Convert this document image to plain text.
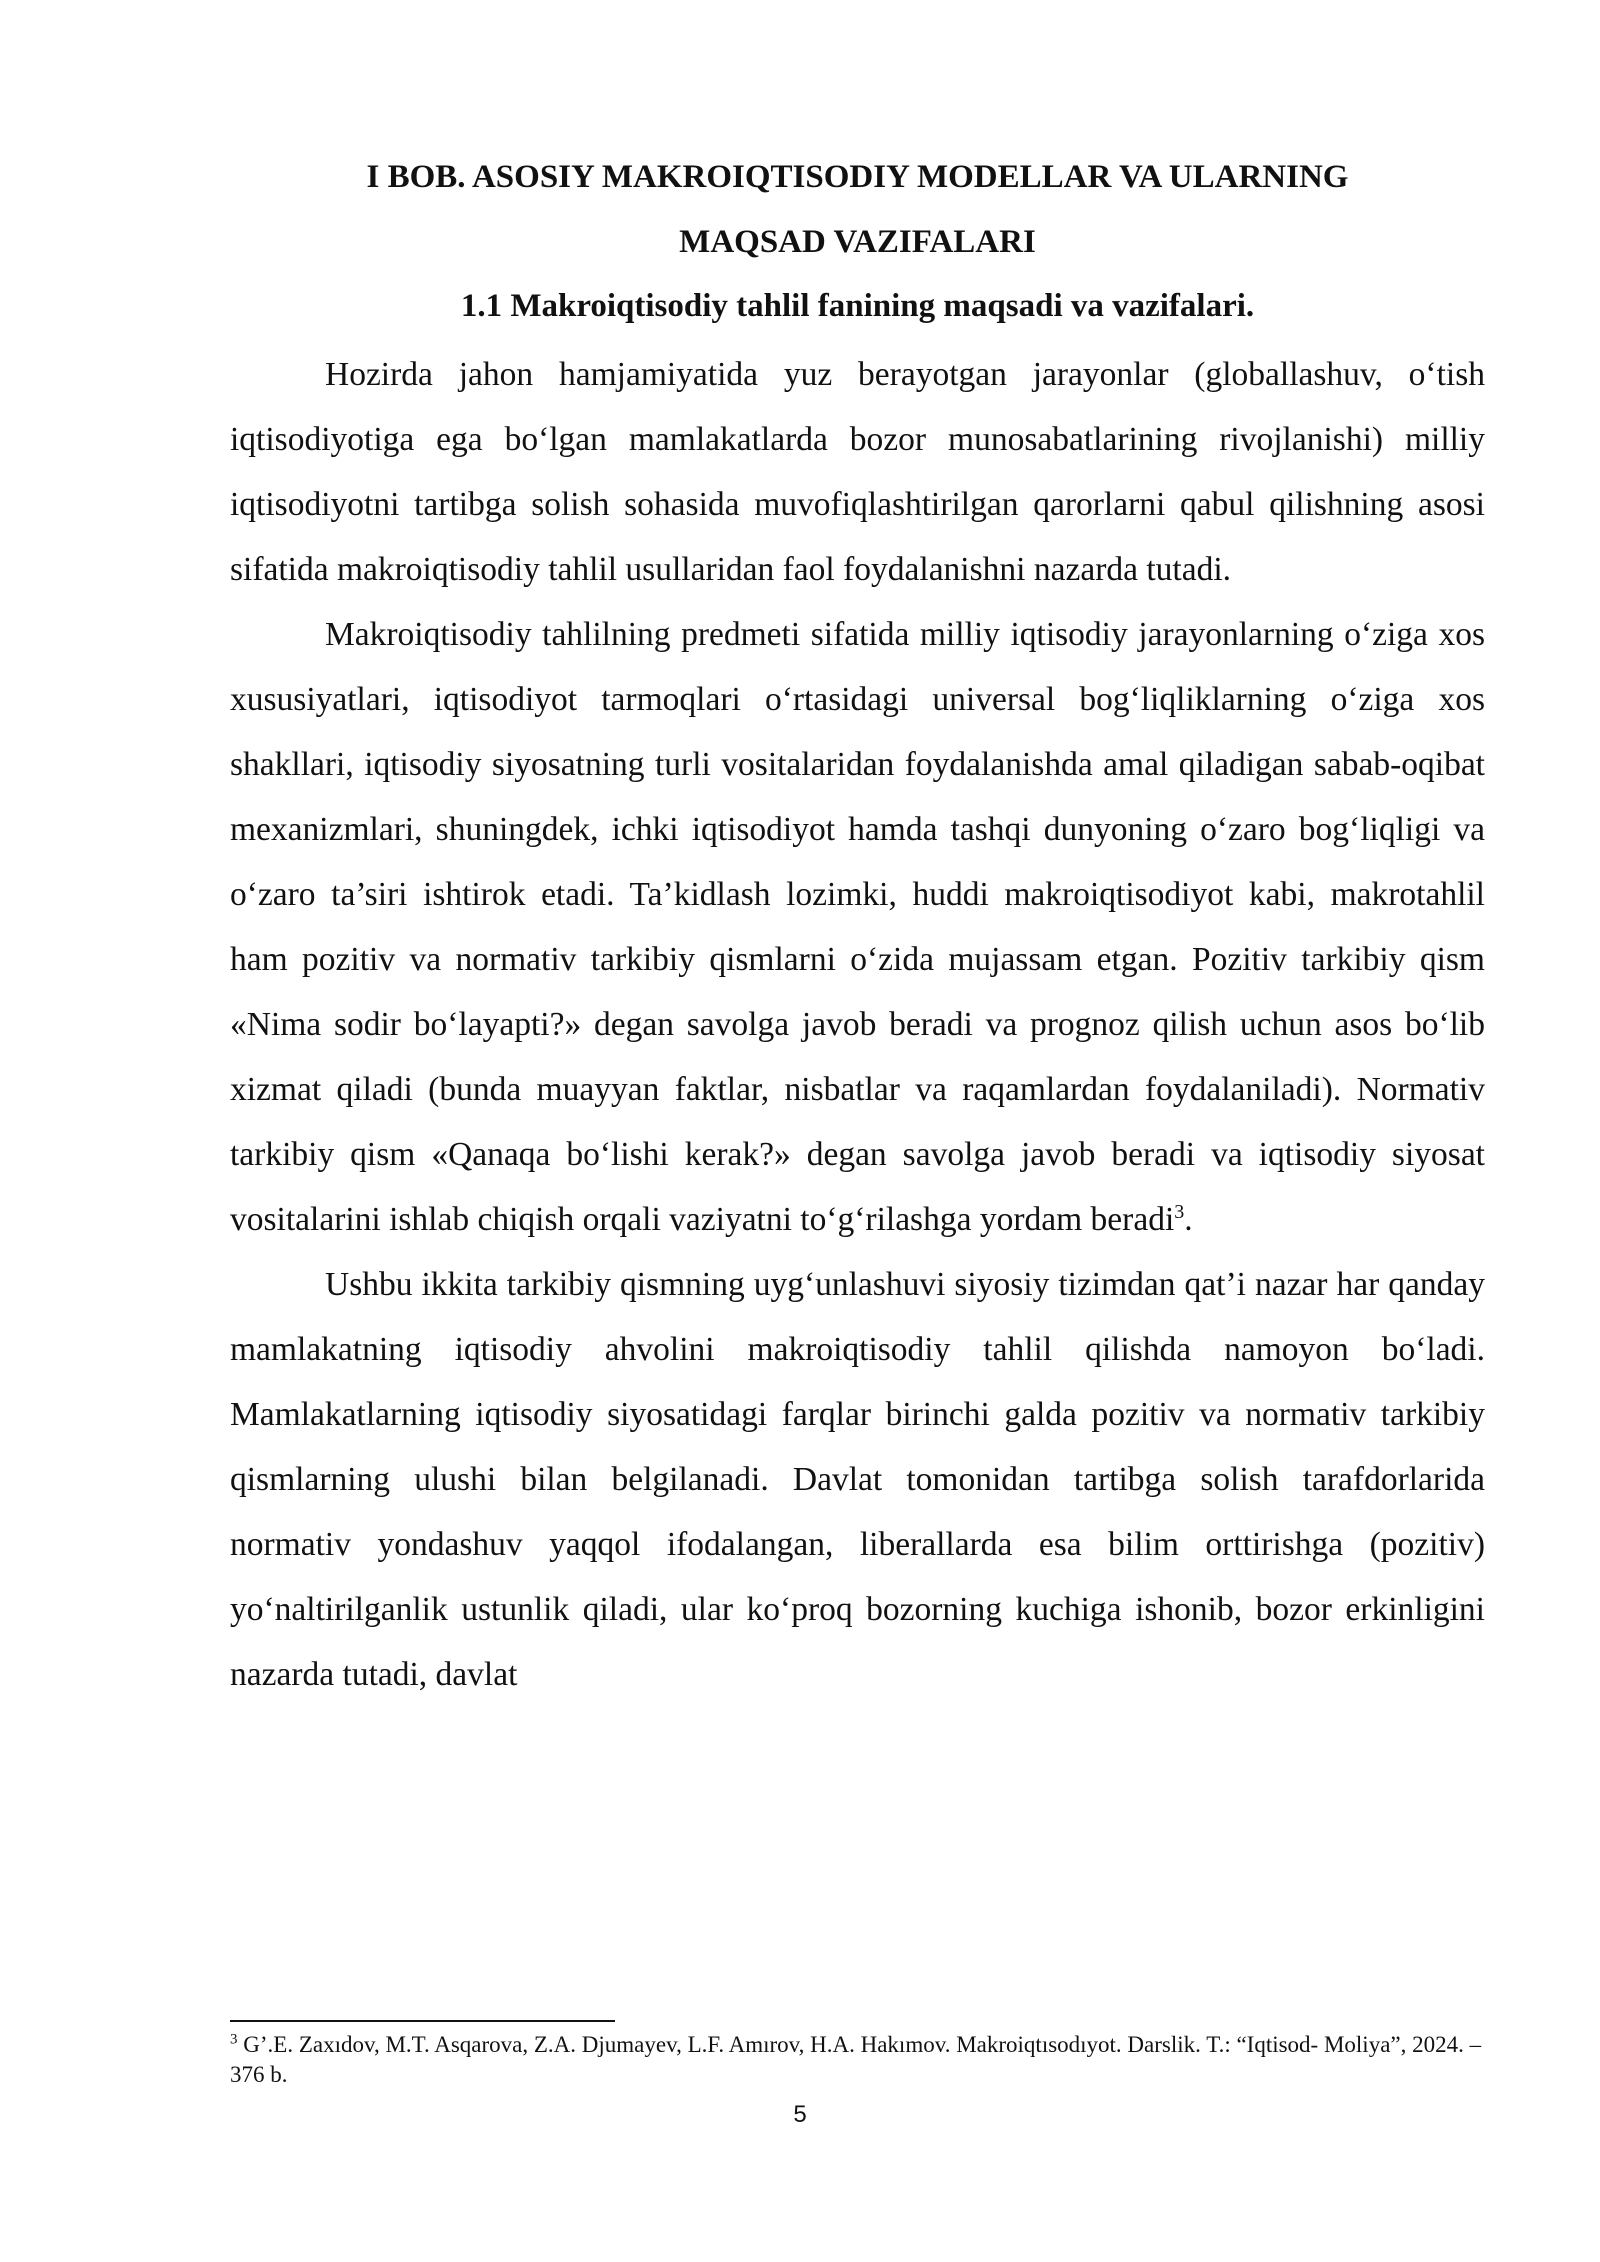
I BOB. ASOSIY MAKROIQTISODIY MODELLAR VA ULARNING
MAQSAD VAZIFALARI
1.1 Makroiqtisodiy tahlil fanining maqsadi va vazifalari.

Hozirda jahon hamjamiyatida yuz berayotgan jarayonlar (globallashuv, o‘tish iqtisodiyotiga ega bo‘lgan mamlakatlarda bozor munosabatlarining rivojlanishi) milliy iqtisodiyotni tartibga solish sohasida muvofiqlashtirilgan qarorlarni qabul qilishning asosi sifatida makroiqtisodiy tahlil usullaridan faol foydalanishni nazarda tutadi.

Makroiqtisodiy tahlilning predmeti sifatida milliy iqtisodiy jarayonlarning o‘ziga xos xususiyatlari, iqtisodiyot tarmoqlari o‘rtasidagi universal bog‘liqliklarning o‘ziga xos shakllari, iqtisodiy siyosatning turli vositalaridan foydalanishda amal qiladigan sabab-oqibat mexanizmlari, shuningdek, ichki iqtisodiyot hamda tashqi dunyoning o‘zaro bog‘liqligi va o‘zaro ta’siri ishtirok etadi. Ta’kidlash lozimki, huddi makroiqtisodiyot kabi, makrotahlil ham pozitiv va normativ tarkibiy qismlarni o‘zida mujassam etgan. Pozitiv tarkibiy qism «Nima sodir bo‘layapti?» degan savolga javob beradi va prognoz qilish uchun asos bo‘lib xizmat qiladi (bunda muayyan faktlar, nisbatlar va raqamlardan foydalaniladi). Normativ tarkibiy qism «Qanaqa bo‘lishi kerak?» degan savolga javob beradi va iqtisodiy siyosat vositalarini ishlab chiqish orqali vaziyatni to‘g‘rilashga yordam beradi$^3$.

Ushbu ikkita tarkibiy qismning uyg‘unlashuvi siyosiy tizimdan qat’i nazar har qanday mamlakatning iqtisodiy ahvolini makroiqtisodiy tahlil qilishda namoyon bo‘ladi. Mamlakatlarning iqtisodiy siyosatidagi farqlar birinchi galda pozitiv va normativ tarkibiy qismlarning ulushi bilan belgilanadi. Davlat tomonidan tartibga solish tarafdorlarida normativ yondashuv yaqqol ifodalangan, liberallarda esa bilim orttirishga (pozitiv) yo‘naltirilganlik ustunlik qiladi, ular ko‘proq bozorning kuchiga ishonib, bozor erkinligini nazarda tutadi, davlat

$^3$ G’.E. Zaxıdov, M.T. Asqarova, Z.A. Djumayev, L.F. Amırov, H.A. Hakımov. Makroiqtısodıyot. Darslik. T.: “Iqtisod- Moliya”, 2024. – 376 b.

5
